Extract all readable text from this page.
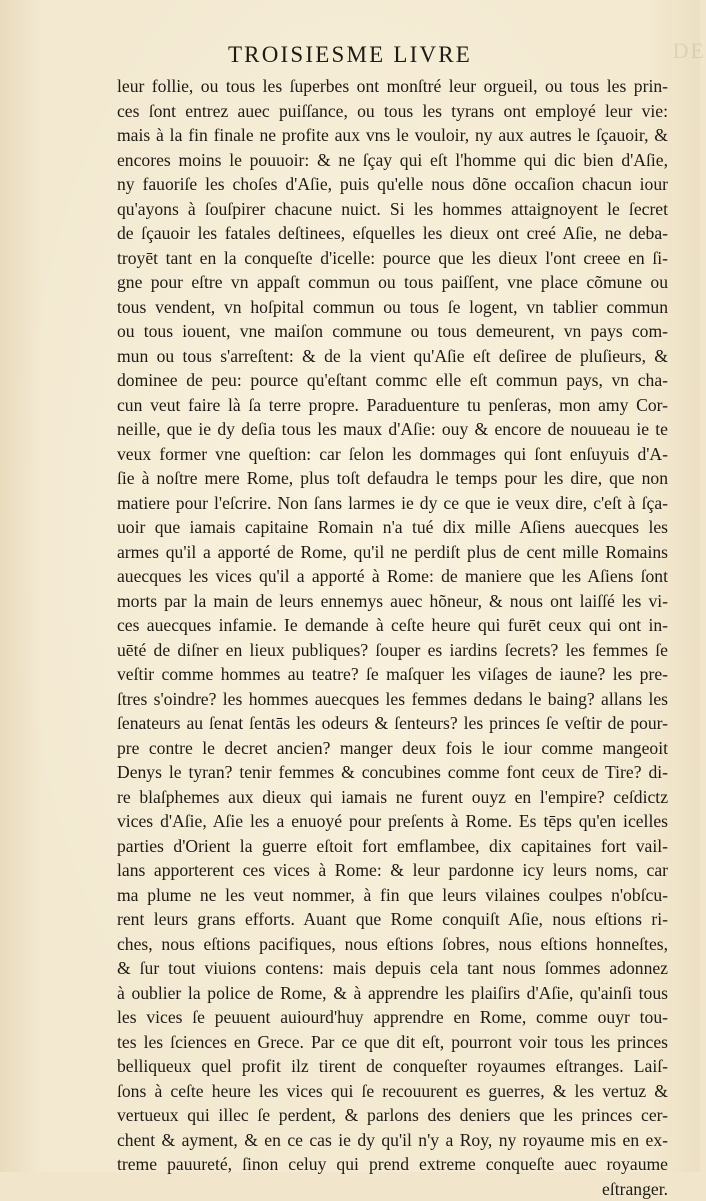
DE
TROISIESME LIVRE
leur follie, ou tous les ſuperbes ont monſtré leur orgueil, ou tous les prin-
ces ſont entrez auec puiſſance, ou tous les tyrans ont employé leur vie:
mais à la fin finale ne profite aux vns le vouloir, ny aux autres le ſçauoir, &
encores moins le pouuoir: & ne ſçay qui eſt l'homme qui dic bien d'Aſie,
ny fauoriſe les choſes d'Aſie, puis qu'elle nous dõne occaſion chacun iour
qu'ayons à ſouſpirer chacune nuict. Si les hommes attaignoyent le ſecret
de ſçauoir les fatales deſtinees, eſquelles les dieux ont creé Aſie, ne deba-
troyēt tant en la conqueſte d'icelle: pource que les dieux l'ont creee en ſi-
gne pour eſtre vn appaſt commun ou tous paiſſent, vne place cõmune ou
tous vendent, vn hoſpital commun ou tous ſe logent, vn tablier commun
ou tous iouent, vne maiſon commune ou tous demeurent, vn pays com-
mun ou tous s'arreſtent: & de la vient qu'Aſie eſt deſiree de pluſieurs, &
dominee de peu: pource qu'eſtant commc elle eſt commun pays, vn cha-
cun veut faire là ſa terre propre. Paraduenture tu penſeras, mon amy Cor-
neille, que ie dy deſia tous les maux d'Aſie: ouy & encore de nouueau ie te
veux former vne queſtion: car ſelon les dommages qui ſont enſuyuis d'A-
ſie à noſtre mere Rome, plus toſt defaudra le temps pour les dire, que non
matiere pour l'eſcrire. Non ſans larmes ie dy ce que ie veux dire, c'eſt à ſça-
uoir que iamais capitaine Romain n'a tué dix mille Aſiens auecques les
armes qu'il a apporté de Rome, qu'il ne perdiſt plus de cent mille Romains
auecques les vices qu'il a apporté à Rome: de maniere que les Aſiens ſont
morts par la main de leurs ennemys auec hõneur, & nous ont laiſſé les vi-
ces auecques infamie. Ie demande à ceſte heure qui furēt ceux qui ont in-
uēté de diſner en lieux publiques? ſouper es iardins ſecrets? les femmes ſe
veſtir comme hommes au teatre? ſe maſquer les viſages de iaune? les pre-
ſtres s'oindre? les hommes auecques les femmes dedans le baing? allans les
ſenateurs au ſenat ſentās les odeurs & ſenteurs? les princes ſe veſtir de pour-
pre contre le decret ancien? manger deux fois le iour comme mangeoit
Denys le tyran? tenir femmes & concubines comme font ceux de Tire? di-
re blaſphemes aux dieux qui iamais ne furent ouyz en l'empire? ceſdictz
vices d'Aſie, Aſie les a enuoyé pour preſents à Rome. Es tēps qu'en icelles
parties d'Orient la guerre eſtoit fort emflambee, dix capitaines fort vail-
lans apporterent ces vices à Rome: & leur pardonne icy leurs noms, car
ma plume ne les veut nommer, à fin que leurs vilaines coulpes n'obſcu-
rent leurs grans efforts. Auant que Rome conquiſt Aſie, nous eſtions ri-
ches, nous eſtions pacifiques, nous eſtions ſobres, nous eſtions honneſtes,
& ſur tout viuions contens: mais depuis cela tant nous ſommes adonnez
à oublier la police de Rome, & à apprendre les plaiſirs d'Aſie, qu'ainſi tous
les vices ſe peuuent auiourd'huy apprendre en Rome, comme ouyr tou-
tes les ſciences en Grece. Par ce que dit eſt, pourront voir tous les princes
belliqueux quel profit ilz tirent de conqueſter royaumes eſtranges. Laiſ-
ſons à ceſte heure les vices qui ſe recouurent es guerres, & les vertuz &
vertueux qui illec ſe perdent, & parlons des deniers que les princes cer-
chent & ayment, & en ce cas ie dy qu'il n'y a Roy, ny royaume mis en ex-
treme pauureté, ſinon celuy qui prend extreme conqueſte auec royaume
eſtranger.
